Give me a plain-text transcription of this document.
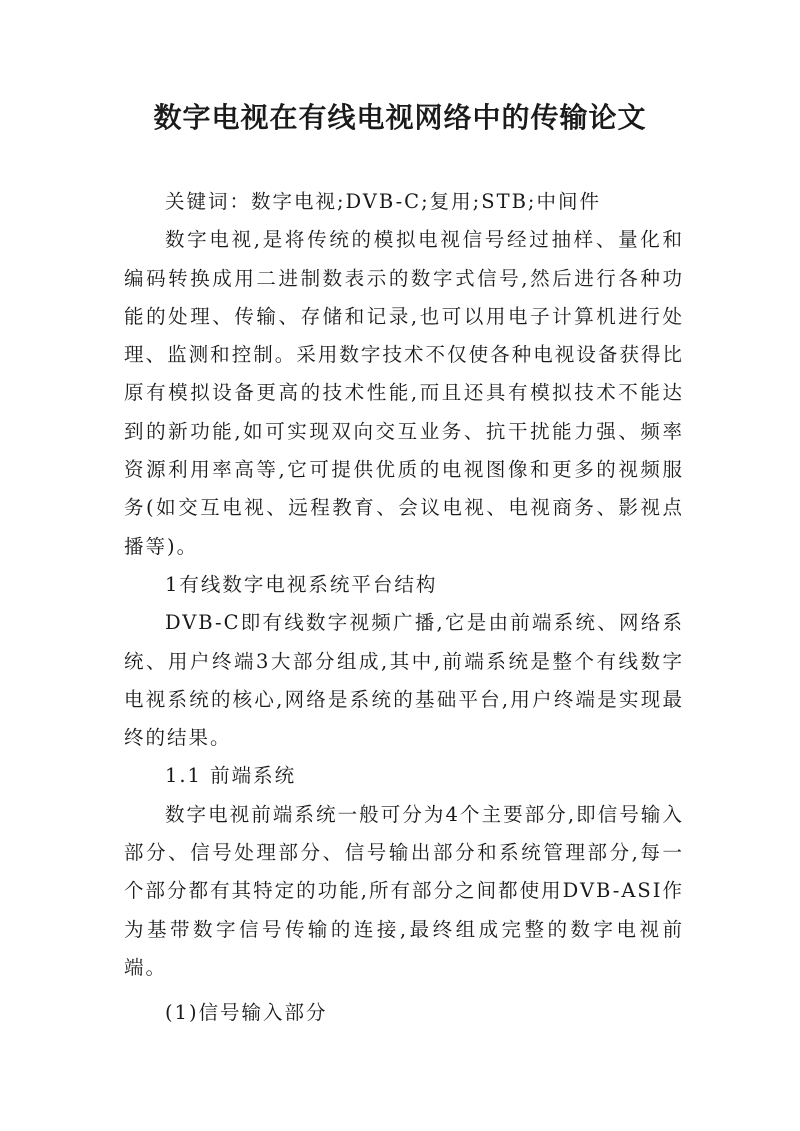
数字电视在有线电视网络中的传输论文

关键词：数字电视;DVB-C;复用;STB;中间件

数字电视,是将传统的模拟电视信号经过抽样、量化和编码转换成用二进制数表示的数字式信号,然后进行各种功能的处理、传输、存储和记录,也可以用电子计算机进行处理、监测和控制。采用数字技术不仅使各种电视设备获得比原有模拟设备更高的技术性能,而且还具有模拟技术不能达到的新功能,如可实现双向交互业务、抗干扰能力强、频率资源利用率高等,它可提供优质的电视图像和更多的视频服务(如交互电视、远程教育、会议电视、电视商务、影视点播等)。

1有线数字电视系统平台结构

DVB-C即有线数字视频广播,它是由前端系统、网络系统、用户终端3大部分组成,其中,前端系统是整个有线数字电视系统的核心,网络是系统的基础平台,用户终端是实现最终的结果。

1.1 前端系统

数字电视前端系统一般可分为4个主要部分,即信号输入部分、信号处理部分、信号输出部分和系统管理部分,每一个部分都有其特定的功能,所有部分之间都使用DVB-ASI作为基带数字信号传输的连接,最终组成完整的数字电视前端。

(1)信号输入部分
